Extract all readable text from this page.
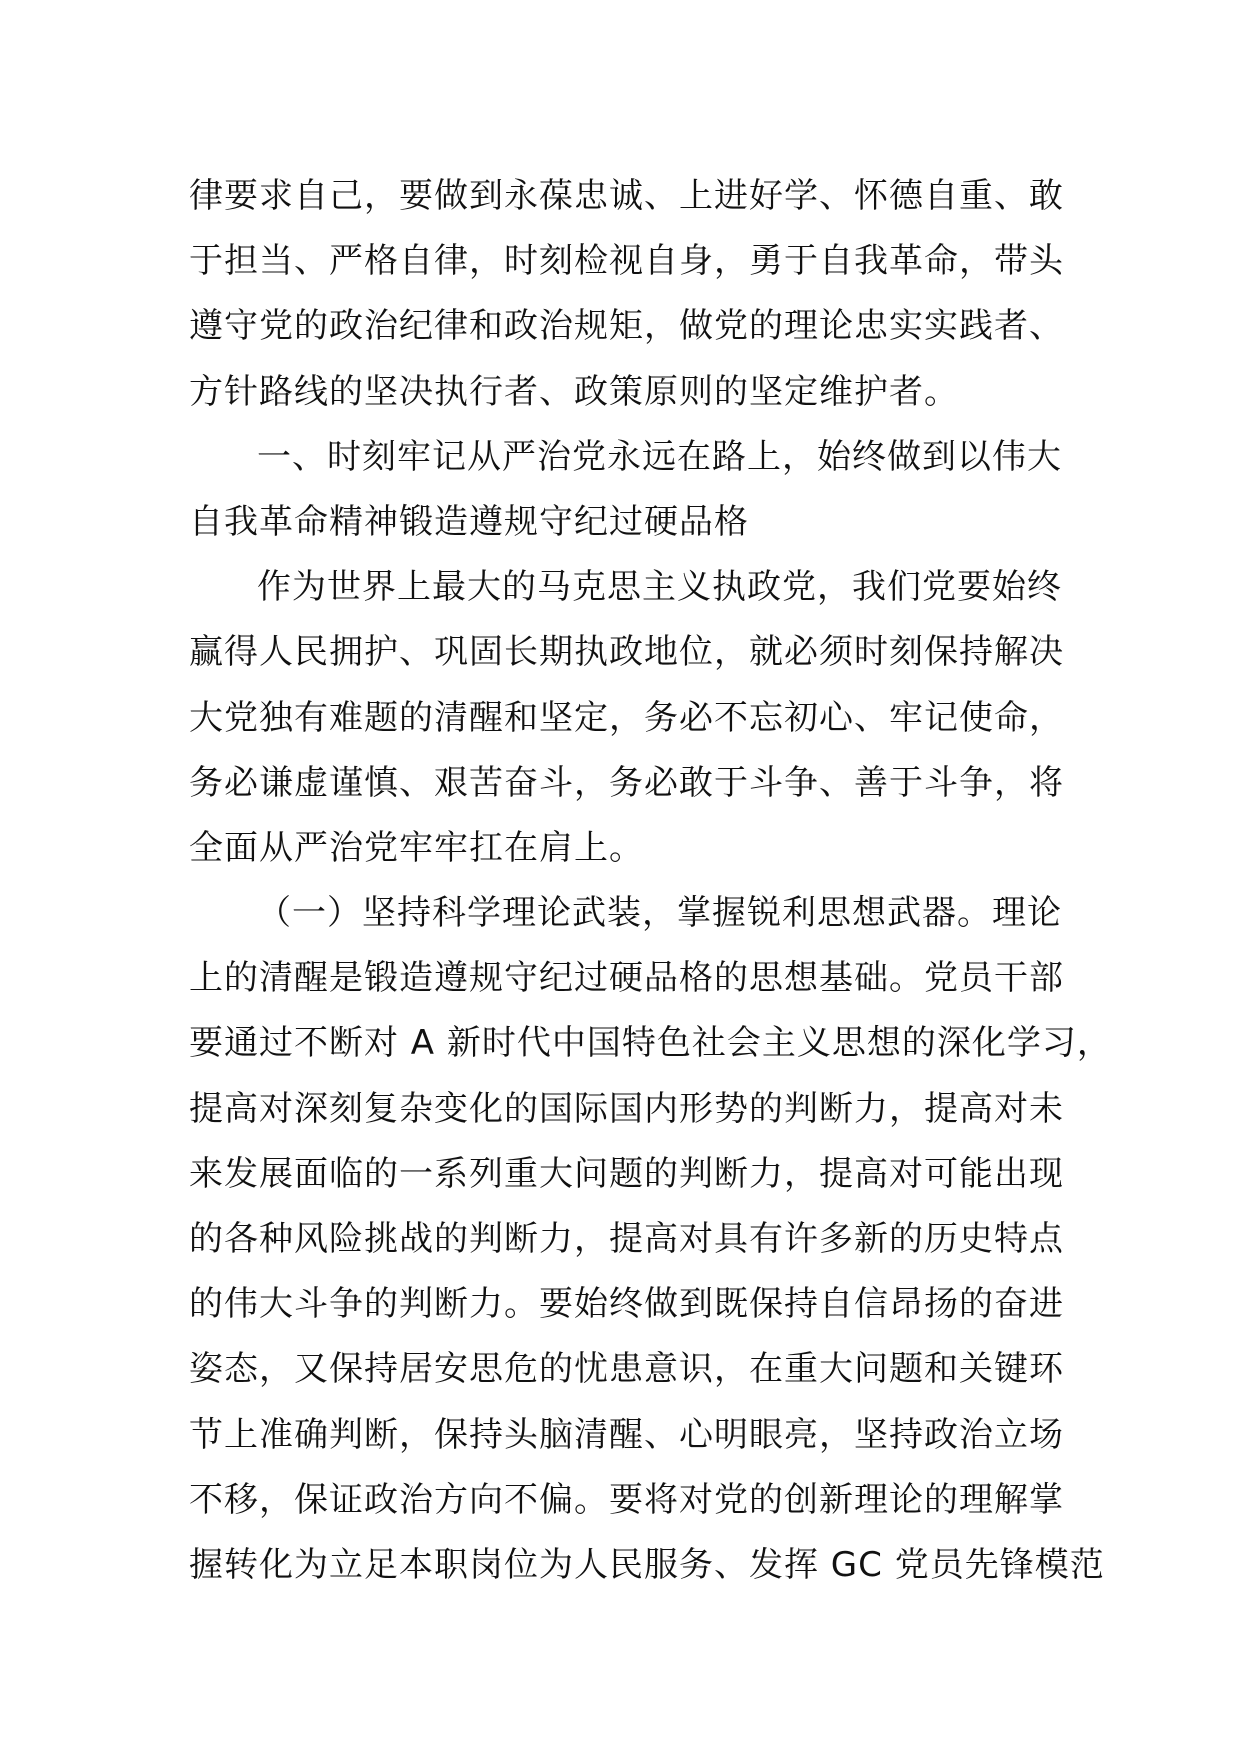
律要求自己，要做到永葆忠诚、上进好学、怀德自重、敢
于担当、严格自律，时刻检视自身，勇于自我革命，带头
遵守党的政治纪律和政治规矩，做党的理论忠实实践者、
方针路线的坚决执行者、政策原则的坚定维护者。
一、时刻牢记从严治党永远在路上，始终做到以伟大
自我革命精神锻造遵规守纪过硬品格
作为世界上最大的马克思主义执政党，我们党要始终
赢得人民拥护、巩固长期执政地位，就必须时刻保持解决
大党独有难题的清醒和坚定，务必不忘初心、牢记使命，
务必谦虚谨慎、艰苦奋斗，务必敢于斗争、善于斗争，将
全面从严治党牢牢扛在肩上。
（一）坚持科学理论武装，掌握锐利思想武器。理论
上的清醒是锻造遵规守纪过硬品格的思想基础。党员干部
要通过不断对 A 新时代中国特色社会主义思想的深化学习，
提高对深刻复杂变化的国际国内形势的判断力，提高对未
来发展面临的一系列重大问题的判断力，提高对可能出现
的各种风险挑战的判断力，提高对具有许多新的历史特点
的伟大斗争的判断力。要始终做到既保持自信昂扬的奋进
姿态，又保持居安思危的忧患意识，在重大问题和关键环
节上准确判断，保持头脑清醒、心明眼亮，坚持政治立场
不移，保证政治方向不偏。要将对党的创新理论的理解掌
握转化为立足本职岗位为人民服务、发挥 GC 党员先锋模范
